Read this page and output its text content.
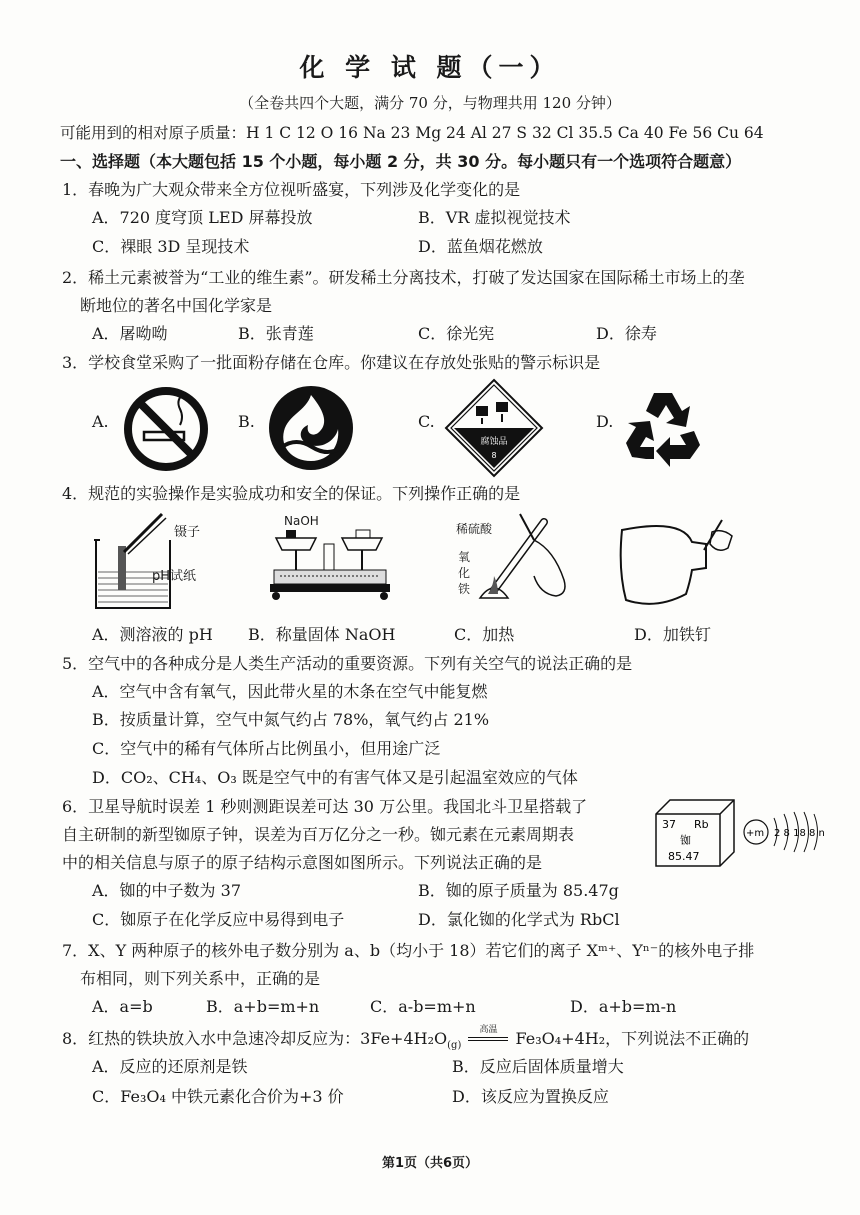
化 学 试 题（一）
（全卷共四个大题，满分 70 分，与物理共用 120 分钟）
可能用到的相对原子质量：H 1 C 12 O 16 Na 23 Mg 24 Al 27 S 32 Cl 35.5 Ca 40 Fe 56 Cu 64
一、选择题（本大题包括 15 个小题，每小题 2 分，共 30 分。每小题只有一个选项符合题意）
1．春晚为广大观众带来全方位视听盛宴，下列涉及化学变化的是
A．720 度穹顶 LED 屏幕投放	B．VR 虚拟视觉技术
C．裸眼 3D 呈现技术	D．蓝鱼烟花燃放
2．稀土元素被誉为“工业的维生素”。研发稀土分离技术，打破了发达国家在国际稀土市场上的垄
断地位的著名中国化学家是
A．屠呦呦	B．张青莲	C．徐光宪	D．徐寿
3．学校食堂采购了一批面粉存储在仓库。你建议在存放处张贴的警示标识是
A.	B.	C.
腐蚀品
8
D.
4．规范的实验操作是实验成功和安全的保证。下列操作正确的是
镊子
pH试纸
NaOH
稀硫酸
氧
化
铁
A．测溶液的 pH B．称量固体 NaOH	C．加热	D．加铁钉
5．空气中的各种成分是人类生产活动的重要资源。下列有关空气的说法正确的是
A．空气中含有氧气，因此带火星的木条在空气中能复燃
B．按质量计算，空气中氮气约占 78%，氧气约占 21%
C．空气中的稀有气体所占比例虽小，但用途广泛
D．CO₂、CH₄、O₃ 既是空气中的有害气体又是引起温室效应的气体
6．卫星导航时误差 1 秒则测距误差可达 30 万公里。我国北斗卫星搭载了
自主研制的新型铷原子钟，误差为百万亿分之一秒。铷元素在元素周期表
中的相关信息与原子的原子结构示意图如图所示。下列说法正确的是
37 Rb
铷
85.47
+m 2 8 18 8 n
A．铷的中子数为 37	B．铷的原子质量为 85.47g
C．铷原子在化学反应中易得到电子	D．氯化铷的化学式为 RbCl
7．X、Y 两种原子的核外电子数分别为 a、b（均小于 18）若它们的离子 Xᵐ⁺、Yⁿ⁻的核外电子排
布相同，则下列关系中，正确的是
A．a=b	B．a+b=m+n	C．a-b=m+n	D．a+b=m-n
8．红热的铁块放入水中急速冷却反应为：$3Fe+4H_2O_{(g)}$
高温	Fe₃O₄+4H₂，下列说法不正确的
A．反应的还原剂是铁	B．反应后固体质量增大
C．Fe₃O₄ 中铁元素化合价为+3 价	D．该反应为置换反应
第1页（共6页）
